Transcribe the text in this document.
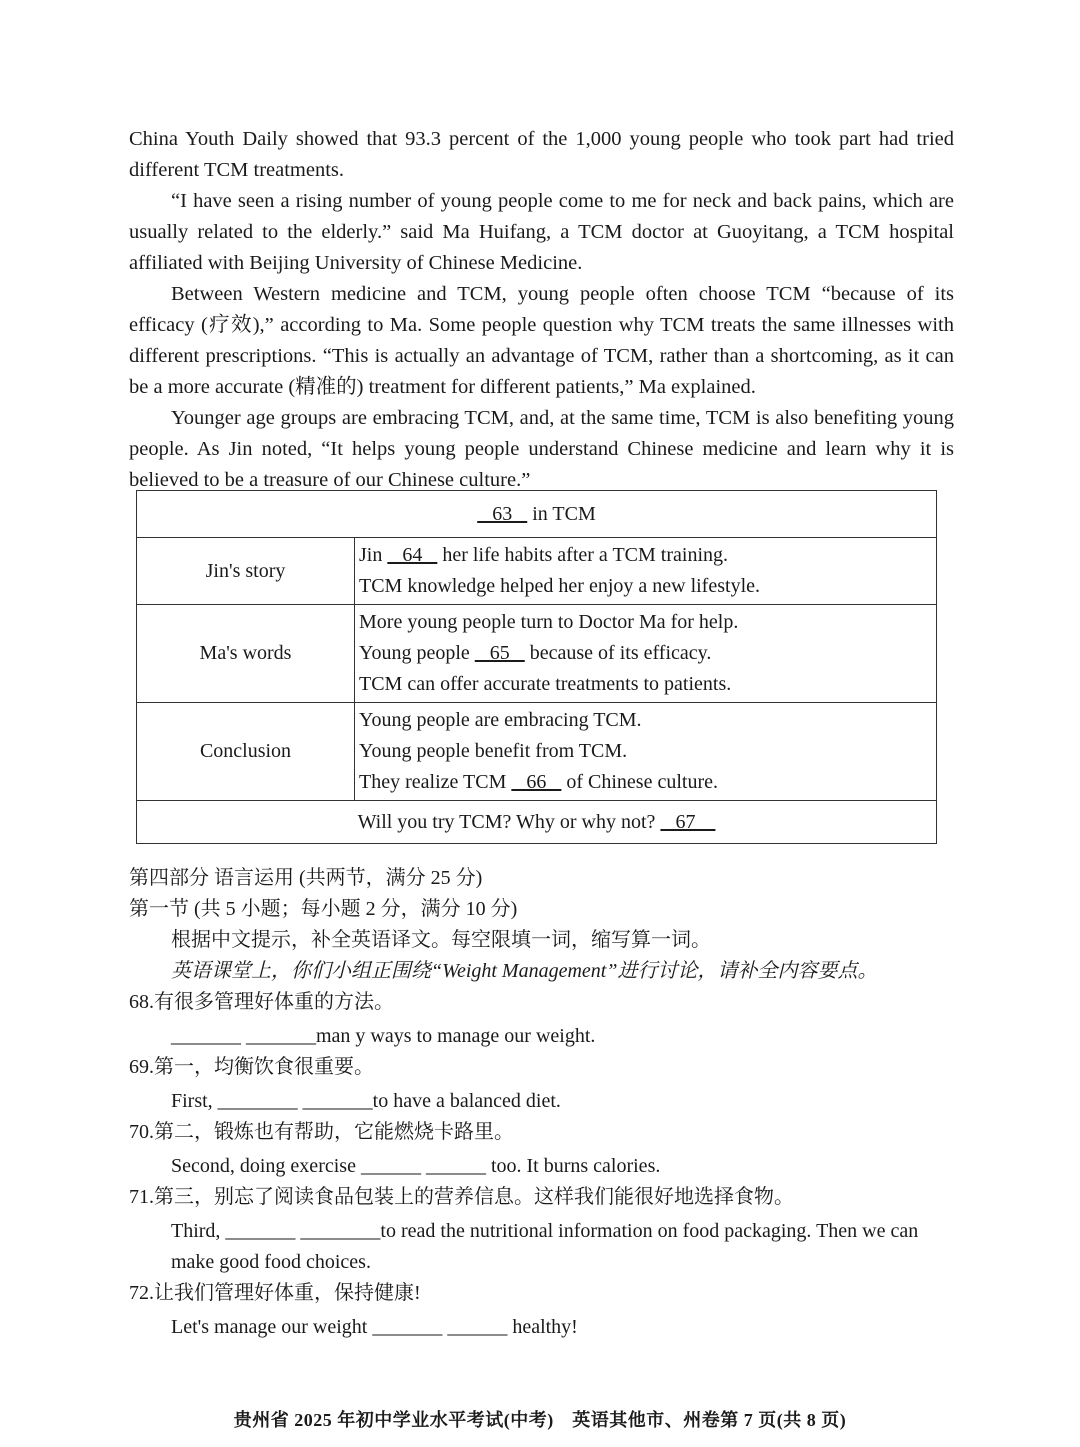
China Youth Daily showed that 93.3 percent of the 1,000 young people who took part had tried different TCM treatments.

“I have seen a rising number of young people come to me for neck and back pains, which are usually related to the elderly.” said Ma Huifang, a TCM doctor at Guoyitang, a TCM hospital affiliated with Beijing University of Chinese Medicine.

Between Western medicine and TCM, young people often choose TCM “because of its efficacy (疗效),” according to Ma. Some people question why TCM treats the same illnesses with different prescriptions. “This is actually an advantage of TCM, rather than a shortcoming, as it can be a more accurate (精准的) treatment for different patients,” Ma explained.

Younger age groups are embracing TCM, and, at the same time, TCM is also benefiting young people. As Jin noted, “It helps young people understand Chinese medicine and learn why it is believed to be a treasure of our Chinese culture.”

63    in TCM	
Jin's story	Jin    64    her life habits after a TCM training.
TCM knowledge helped her enjoy a new lifestyle.

Ma's words	More young people turn to Doctor Ma for help.
Young people    65    because of its efficacy.
TCM can offer accurate treatments to patients.

Conclusion	Young people are embracing TCM.
Young people benefit from TCM.
They realize TCM    66    of Chinese culture.

Will you try TCM? Why or why not?    67	
第四部分 语言运用 (共两节，满分 25 分)
第一节 (共 5 小题；每小题 2 分，满分 10 分)
根据中文提示，补全英语译文。每空限填一词，缩写算一词。
英语课堂上，你们小组正围绕“Weight Management”进行讨论，请补全内容要点。
68.有很多管理好体重的方法。
_______ _______man y ways to manage our weight.
69.第一，均衡饮食很重要。
First, ________ _______to have a balanced diet.
70.第二，锻炼也有帮助，它能燃烧卡路里。
Second, doing exercise ______ ______ too. It burns calories.
71.第三，别忘了阅读食品包装上的营养信息。这样我们能很好地选择食物。
Third, _______ ________to read the nutritional information on food packaging. Then we can make good food choices.
72.让我们管理好体重，保持健康!
Let's manage our weight _______ ______ healthy!
贵州省 2025 年初中学业水平考试(中考)　英语其他市、州卷第 7 页(共 8 页)
